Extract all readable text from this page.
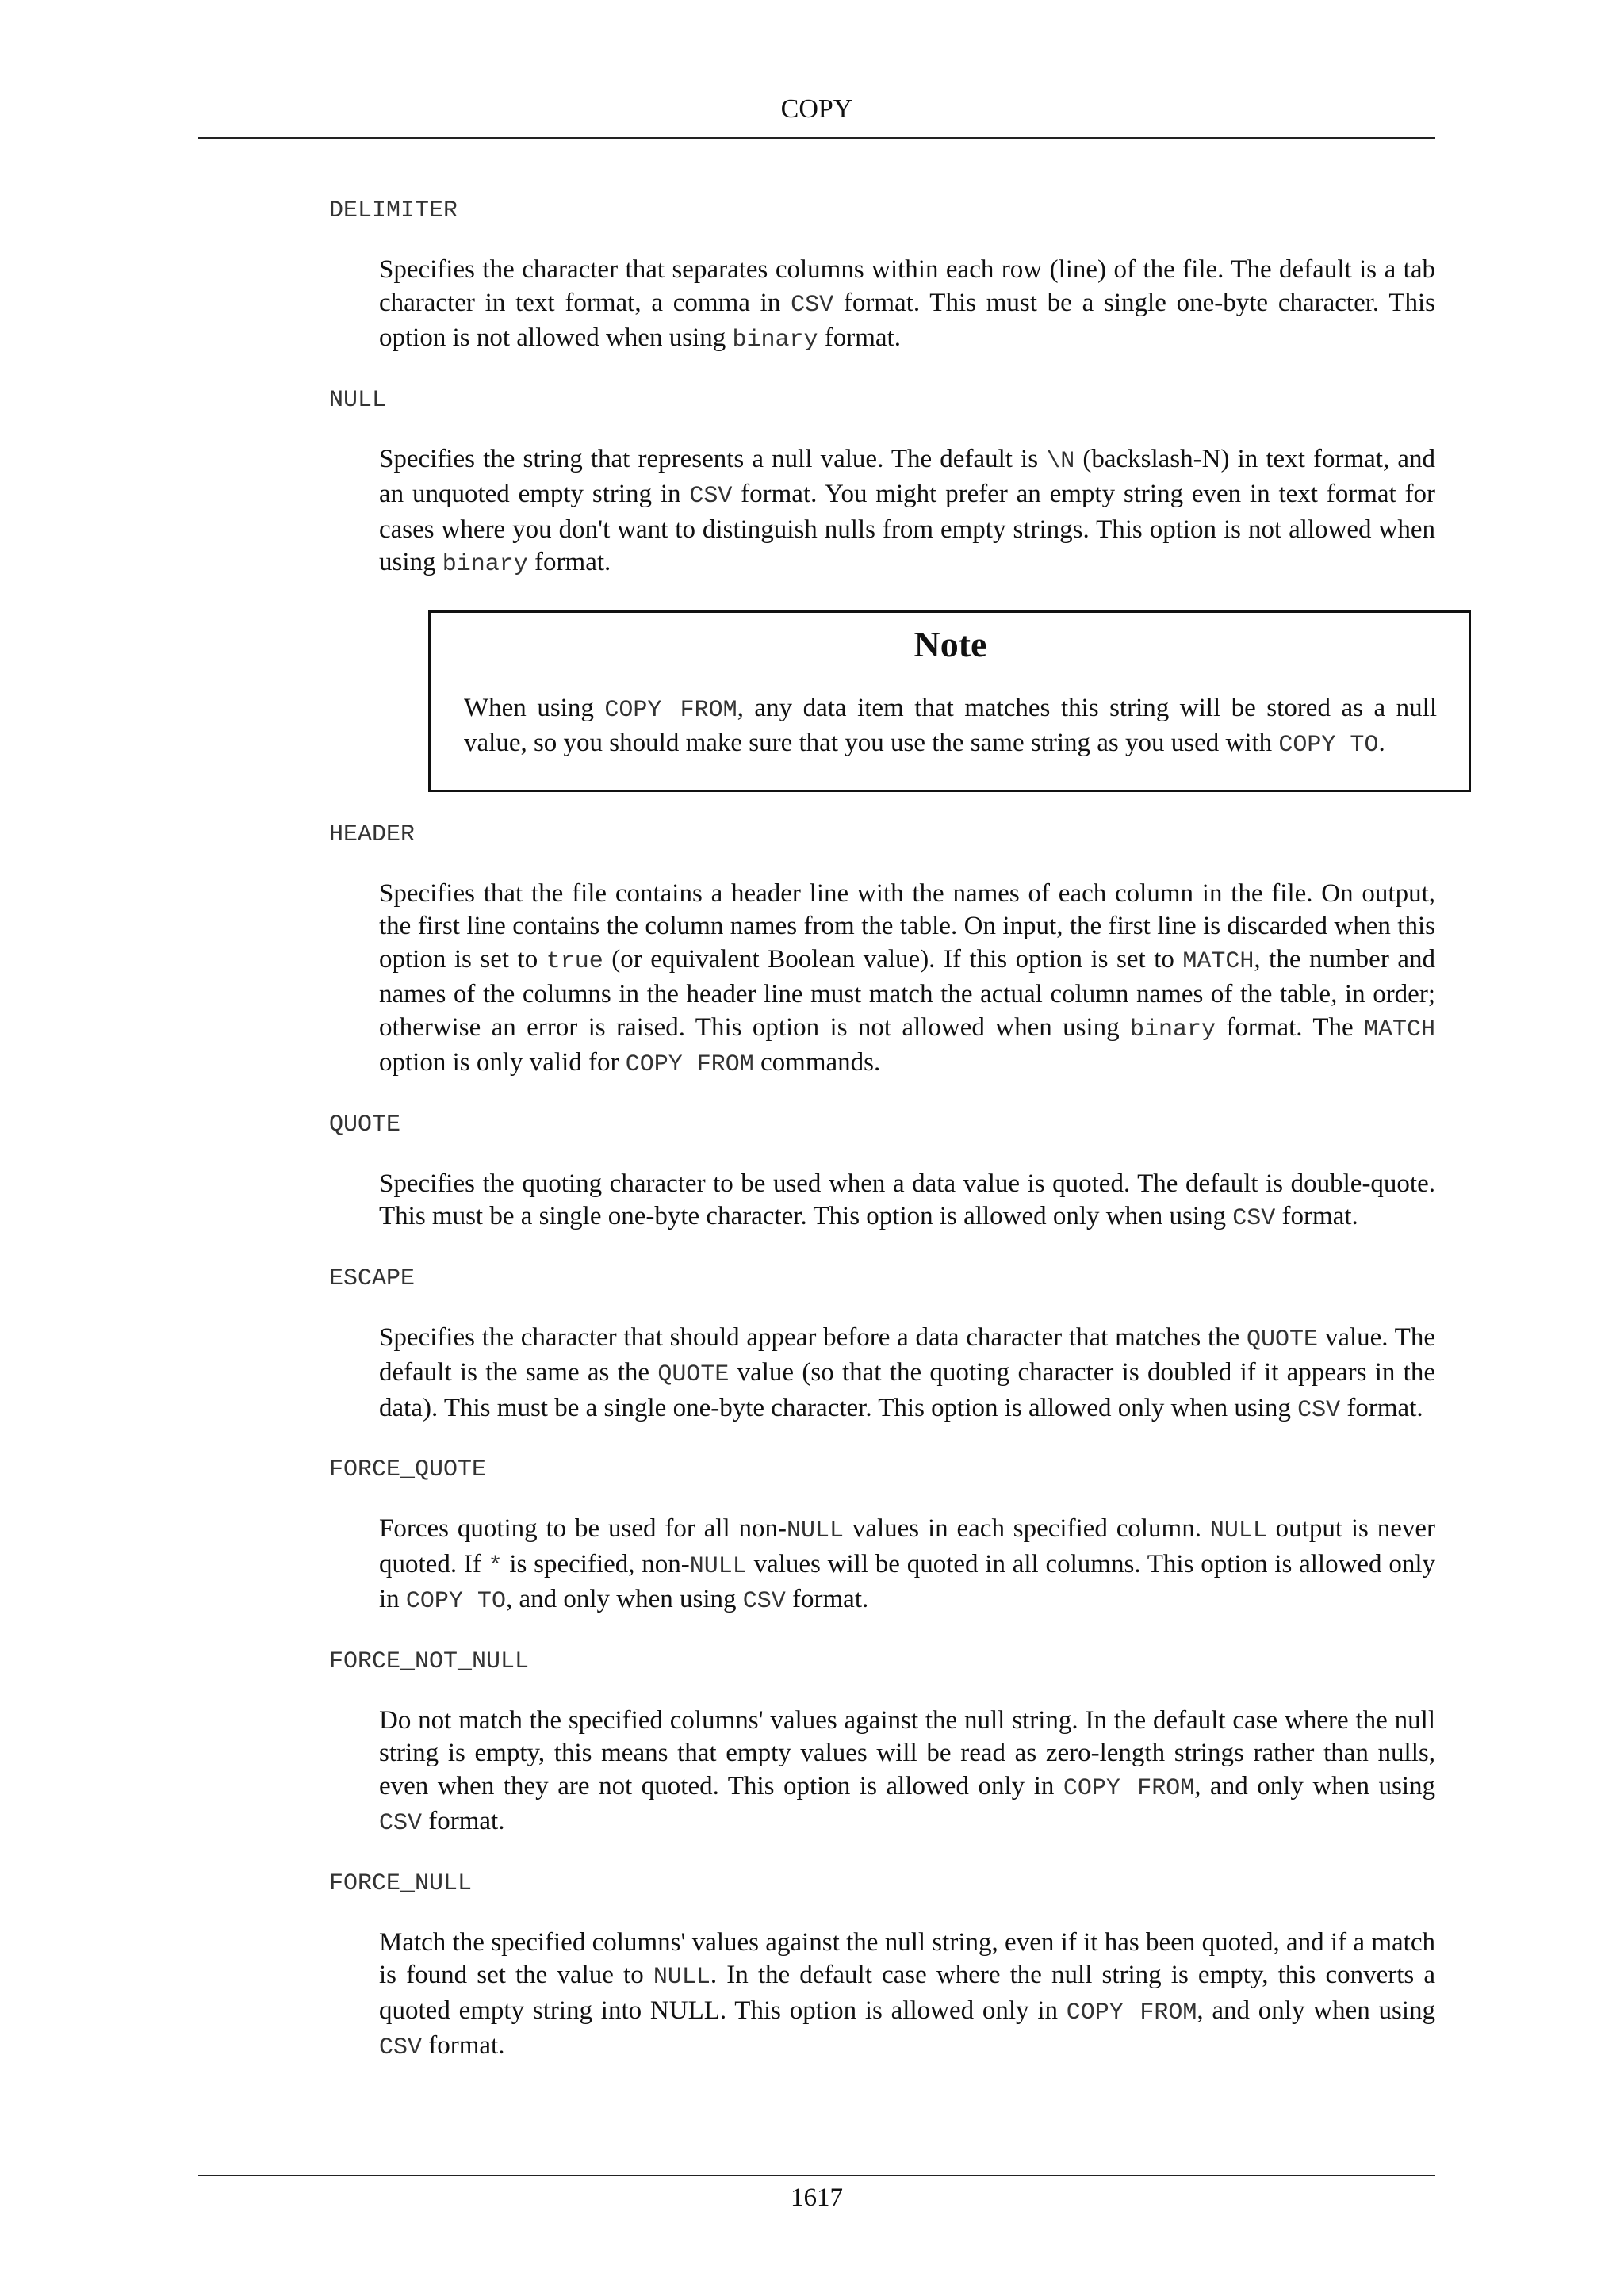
COPY
DELIMITER

Specifies the character that separates columns within each row (line) of the file. The default is a tab character in text format, a comma in CSV format. This must be a single one-byte character. This option is not allowed when using binary format.

NULL

Specifies the string that represents a null value. The default is \N (backslash-N) in text format, and an unquoted empty string in CSV format. You might prefer an empty string even in text format for cases where you don't want to distinguish nulls from empty strings. This option is not allowed when using binary format.

Note

When using COPY FROM, any data item that matches this string will be stored as a null value, so you should make sure that you use the same string as you used with COPY TO.

HEADER

Specifies that the file contains a header line with the names of each column in the file. On output, the first line contains the column names from the table. On input, the first line is discarded when this option is set to true (or equivalent Boolean value). If this option is set to MATCH, the number and names of the columns in the header line must match the actual column names of the table, in order; otherwise an error is raised. This option is not allowed when using binary format. The MATCH option is only valid for COPY FROM commands.

QUOTE

Specifies the quoting character to be used when a data value is quoted. The default is double-quote. This must be a single one-byte character. This option is allowed only when using CSV format.

ESCAPE

Specifies the character that should appear before a data character that matches the QUOTE value. The default is the same as the QUOTE value (so that the quoting character is doubled if it appears in the data). This must be a single one-byte character. This option is allowed only when using CSV format.

FORCE_QUOTE

Forces quoting to be used for all non-NULL values in each specified column. NULL output is never quoted. If * is specified, non-NULL values will be quoted in all columns. This option is allowed only in COPY TO, and only when using CSV format.

FORCE_NOT_NULL

Do not match the specified columns' values against the null string. In the default case where the null string is empty, this means that empty values will be read as zero-length strings rather than nulls, even when they are not quoted. This option is allowed only in COPY FROM, and only when using CSV format.

FORCE_NULL

Match the specified columns' values against the null string, even if it has been quoted, and if a match is found set the value to NULL. In the default case where the null string is empty, this converts a quoted empty string into NULL. This option is allowed only in COPY FROM, and only when using CSV format.

1617
